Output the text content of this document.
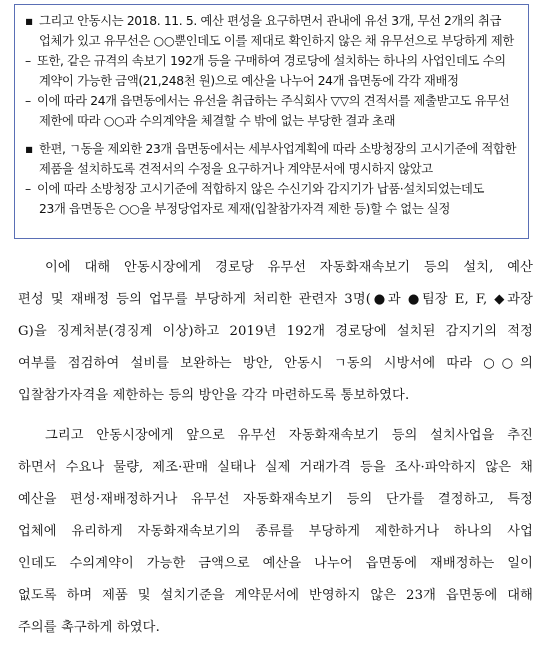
▪ 그리고 안동시는 2018. 11. 5. 예산 편성을 요구하면서 관내에 유선 3개, 무선 2개의 취급
업체가 있고 유무선은 ○○뿐인데도 이를 제대로 확인하지 않은 채 유무선으로 부당하게 제한
– 또한, 같은 규격의 속보기 192개 등을 구매하여 경로당에 설치하는 하나의 사업인데도 수의
계약이 가능한 금액(21,248천 원)으로 예산을 나누어 24개 읍면동에 각각 재배정
– 이에 따라 24개 읍면동에서는 유선을 취급하는 주식회사 ▽▽의 견적서를 제출받고도 유무선
제한에 따라 ○○과 수의계약을 체결할 수 밖에 없는 부당한 결과 초래
▪ 한편, ㄱ동을 제외한 23개 읍면동에서는 세부사업계획에 따라 소방청장의 고시기준에 적합한
제품을 설치하도록 견적서의 수정을 요구하거나 계약문서에 명시하지 않았고
– 이에 따라 소방청장 고시기준에 적합하지 않은 수신기와 감지기가 납품·설치되었는데도
23개 읍면동은 ○○을 부정당업자로 제재(입찰참가자격 제한 등)할 수 없는 실정
이에 대해 안동시장에게 경로당 유무선 자동화재속보기 등의 설치, 예산
편성 및 재배정 등의 업무를 부당하게 처리한 관련자 3명(●과 ●팀장 E, F, ◆과장
G)을 징계처분(경징계 이상)하고 2019년 192개 경로당에 설치된 감지기의 적정
여부를 점검하여 설비를 보완하는 방안, 안동시 ㄱ동의 시방서에 따라 ○○의
입찰참가자격을 제한하는 등의 방안을 각각 마련하도록 통보하였다.
그리고 안동시장에게 앞으로 유무선 자동화재속보기 등의 설치사업을 추진
하면서 수요나 물량, 제조·판매 실태나 실제 거래가격 등을 조사·파악하지 않은 채
예산을 편성·재배정하거나 유무선 자동화재속보기 등의 단가를 결정하고, 특정
업체에 유리하게 자동화재속보기의 종류를 부당하게 제한하거나 하나의 사업
인데도 수의계약이 가능한 금액으로 예산을 나누어 읍면동에 재배정하는 일이
없도록 하며 제품 및 설치기준을 계약문서에 반영하지 않은 23개 읍면동에 대해
주의를 촉구하게 하였다.
